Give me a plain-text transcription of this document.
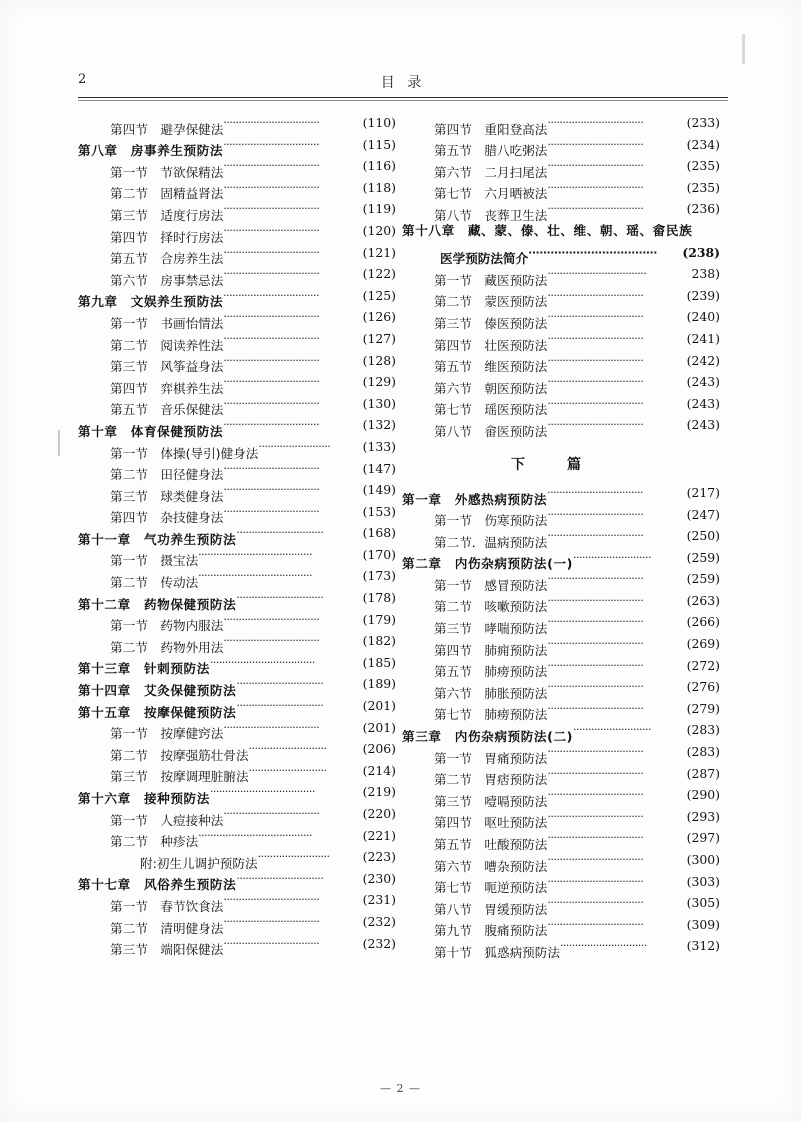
2	目 录
第四节　避孕保健法································	(110)
第八章　房事养生预防法································	(115)
第一节　节欲保精法································	(116)
第二节　固精益肾法································	(118)
第三节　适度行房法································	(119)
第四节　择时行房法································	(120)
第五节　合房养生法································	(121)
第六节　房事禁忌法································	(122)
第九章　文娱养生预防法································	(125)
第一节　书画怡情法································	(126)
第二节　阅读养性法································	(127)
第三节　风筝益身法································	(128)
第四节　弈棋养生法································	(129)
第五节　音乐保健法································	(130)
第十章　体育保健预防法································	(132)
第一节　体操(导引)健身法························	(133)
第二节　田径健身法································	(147)
第三节　球类健身法································	(149)
第四节　杂技健身法································	(153)
第十一章　气功养生预防法·····························	(168)
第一节　摄宝法······································	(170)
第二节　传动法······································	(173)
第十二章　药物保健预防法·····························	(178)
第一节　药物内服法································	(179)
第二节　药物外用法································	(182)
第十三章　针刺预防法···································	(185)
第十四章　艾灸保健预防法·····························	(189)
第十五章　按摩保健预防法·····························	(201)
第一节　按摩健窍法································	(201)
第二节　按摩强筋壮骨法··························	(206)
第三节　按摩调理脏腑法··························	(214)
第十六章　接种预防法···································	(219)
第一节　人痘接种法································	(220)
第二节　种疹法······································	(221)
附:初生儿调护预防法························	(223)
第十七章　风俗养生预防法·····························	(230)
第一节　春节饮食法································	(231)
第二节　清明健身法································	(232)
第三节　端阳保健法································	(232)
第四节　重阳登高法································	(233)
第五节　腊八吃粥法································	(234)
第六节　二月扫尾法································	(235)
第七节　六月晒被法································	(235)
第八节　丧葬卫生法································	(236)
第十八章　藏、蒙、傣、壮、维、朝、瑶、畲民族
医学预防法简介··································· (238)
第一节　藏医预防法·································	238)
第二节　蒙医预防法································	(239)
第三节　傣医预防法································	(240)
第四节　壮医预防法································	(241)
第五节　维医预防法································	(242)
第六节　朝医预防法································	(243)
第七节　瑶医预防法································	(243)
第八节　畲医预防法································	(243)
下　篇
第一章　外感热病预防法································	(217)
第一节　伤寒预防法································	(247)
第二节．温病预防法································	(250)
第二章　内伤杂病预防法(一)··························	(259)
第一节　感冒预防法································	(259)
第二节　咳嗽预防法································	(263)
第三节　哮喘预防法································	(266)
第四节　肺痈预防法································	(269)
第五节　肺痨预防法································	(272)
第六节　肺胀预防法································	(276)
第七节　肺痨预防法································	(279)
第三章　内伤杂病预防法(二)··························	(283)
第一节　胃痛预防法································	(283)
第二节　胃痞预防法································	(287)
第三节　噎嗝预防法································	(290)
第四节　呕吐预防法································	(293)
第五节　吐酸预防法································	(297)
第六节　嘈杂预防法································	(300)
第七节　呃逆预防法································	(303)
第八节　胃缓预防法································	(305)
第九节　腹痛预防法································	(309)
第十节　狐惑病预防法·····························	(312)
— 2 —
